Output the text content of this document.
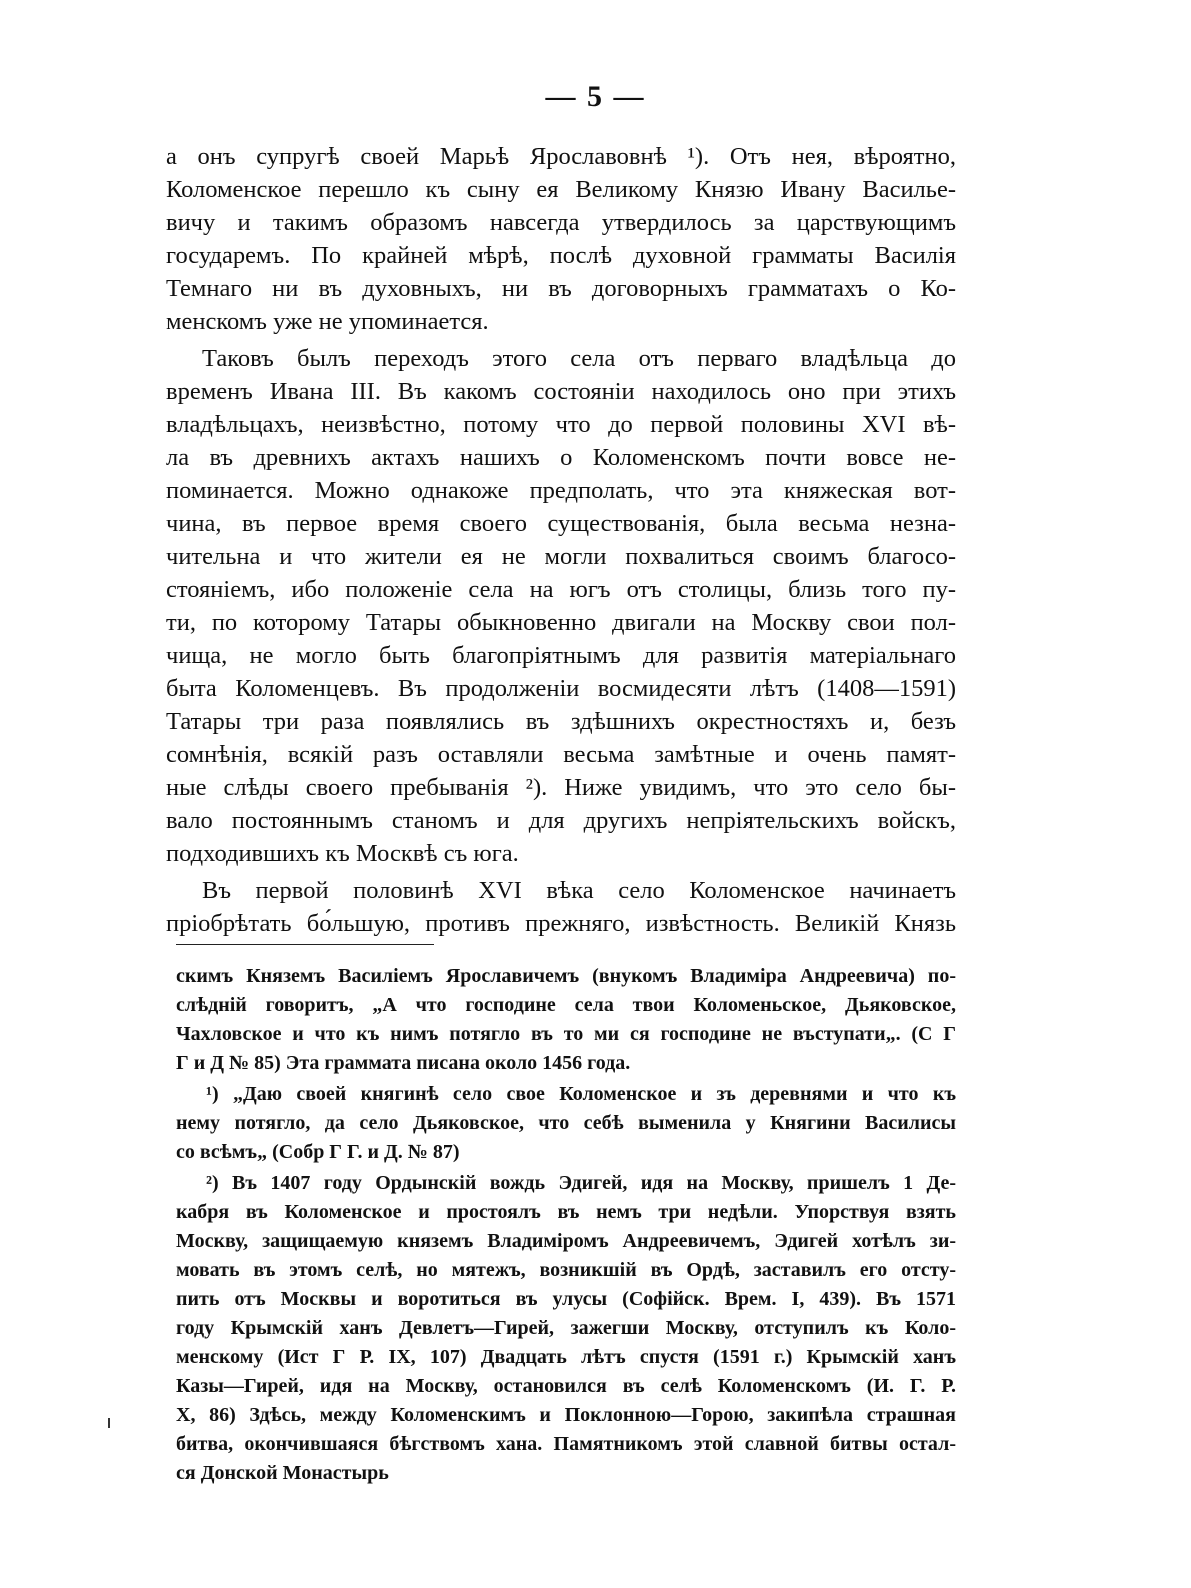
— 5 —
а онъ супругѣ своей Марьѣ Ярославовнѣ ¹). Отъ нея, вѣроятно,
Коломенское перешло къ сыну ея Великому Князю Ивану Василье-
вичу и такимъ образомъ навсегда утвердилось за царствующимъ
государемъ. По крайней мѣрѣ, послѣ духовной грамматы Василія
Темнаго ни въ духовныхъ, ни въ договорныхъ грамматахъ о Ко-
менскомъ уже не упоминается.
Таковъ былъ переходъ этого села отъ перваго владѣльца до
временъ Ивана III. Въ какомъ состояніи находилось оно при этихъ
владѣльцахъ, неизвѣстно, потому что до первой половины XVI вѣ-
ла въ древнихъ актахъ нашихъ о Коломенскомъ почти вовсе не-
поминается. Можно однакоже предполать, что эта княжеская вот-
чина, въ первое время своего существованія, была весьма незна-
чительна и что жители ея не могли похвалиться своимъ благосо-
стояніемъ, ибо положеніе села на югъ отъ столицы, близь того пу-
ти, по которому Татары обыкновенно двигали на Москву свои пол-
чища, не могло быть благопріятнымъ для развитія матеріальнаго
быта Коломенцевъ. Въ продолженіи восмидесяти лѣтъ (1408—1591)
Татары три раза появлялись въ здѣшнихъ окрестностяхъ и, безъ
сомнѣнія, всякій разъ оставляли весьма замѣтные и очень памят-
ные слѣды своего пребыванія ²). Ниже увидимъ, что это село бы-
вало постояннымъ станомъ и для другихъ непріятельскихъ войскъ,
подходившихъ къ Москвѣ съ юга.
Въ первой половинѣ XVI вѣка село Коломенское начинаетъ
пріобрѣтать бо́льшую, противъ прежняго, извѣстность. Великій Князь
скимъ Княземъ Василіемъ Ярославичемъ (внукомъ Владиміра Андреевича) по-
слѣдній говоритъ, „А что господине села твои Коломеньское, Дьяковское,
Чахловское и что къ нимъ потягло въ то ми ся господине не въступати„. (С Г
Г и Д № 85) Эта граммата писана около 1456 года.
¹) „Даю своей княгинѣ село свое Коломенское и зъ деревнями и что къ
нему потягло, да село Дьяковское, что себѣ выменила у Княгини Василисы
со всѣмъ„ (Собр Г Г. и Д. № 87)
²) Въ 1407 году Ордынскій вождь Эдигей, идя на Москву, пришелъ 1 Де-
кабря въ Коломенское и простоялъ въ немъ три недѣли. Упорствуя взять
Москву, защищаемую княземъ Владиміромъ Андреевичемъ, Эдигей хотѣлъ зи-
мовать въ этомъ селѣ, но мятежъ, возникшій въ Ордѣ, заставилъ его отсту-
пить отъ Москвы и воротиться въ улусы (Софійск. Врем. I, 439). Въ 1571
году Крымскій ханъ Девлетъ—Гирей, зажегши Москву, отступилъ къ Коло-
менскому (Ист Г Р. IX, 107) Двадцать лѣтъ спустя (1591 г.) Крымскій ханъ
Казы—Гирей, идя на Москву, остановился въ селѣ Коломенскомъ (И. Г. Р.
X, 86) Здѣсь, между Коломенскимъ и Поклонною—Горою, закипѣла страшная
битва, окончившаяся бѣгствомъ хана. Памятникомъ этой славной битвы остал-
ся Донской Монастырь
